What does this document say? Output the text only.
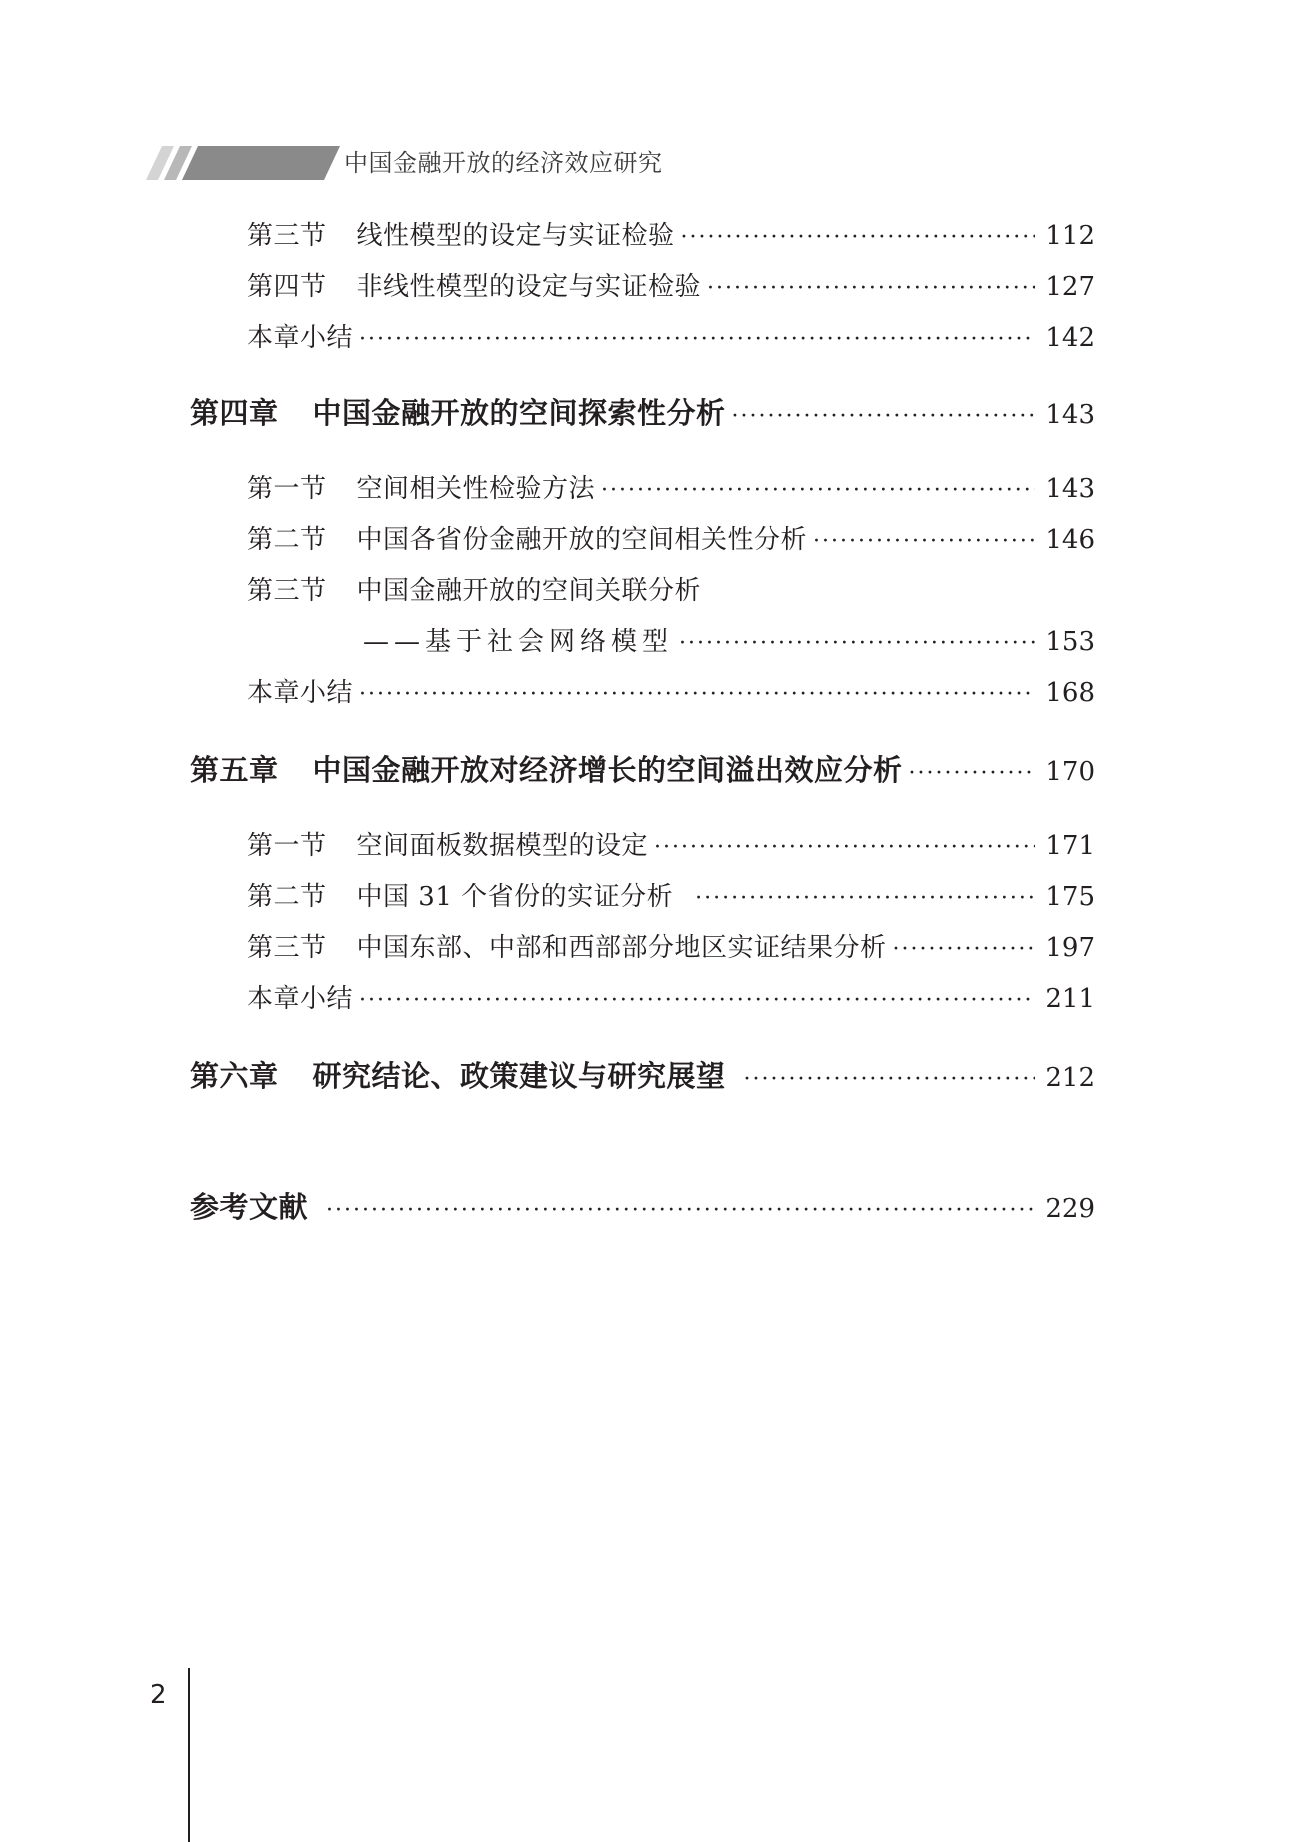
中国金融开放的经济效应研究
第三节 线性模型的设定与实证检验 ·····	112
第四节 非线性模型的设定与实证检验 ·····	127
本章小结 ·····	142
第四章 中国金融开放的空间探索性分析 ·····	143
第一节 空间相关性检验方法 ·····	143
第二节 中国各省份金融开放的空间相关性分析 ·····	146
第三节 中国金融开放的空间关联分析
——基于社会网络模型 ·····	153
本章小结 ·····	168
第五章 中国金融开放对经济增长的空间溢出效应分析 ·····	170
第一节 空间面板数据模型的设定 ·····	171
第二节 中国 31 个省份的实证分析 ·····	175
第三节 中国东部、中部和西部部分地区实证结果分析 ·····	197
本章小结 ·····	211
第六章 研究结论、政策建议与研究展望 ·····	212
参考文献 ·····	229
2
